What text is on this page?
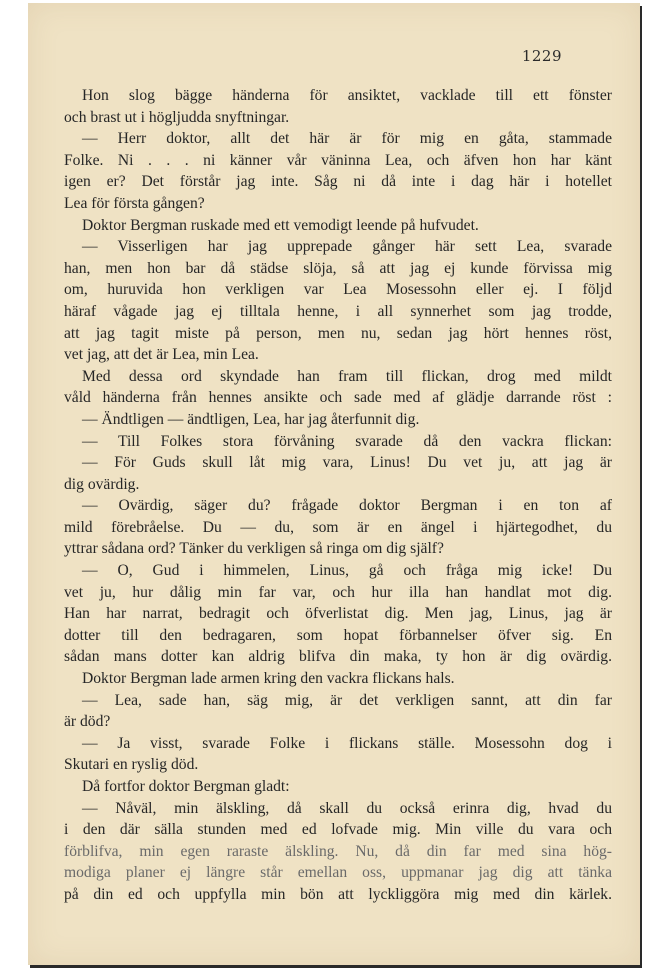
1229
Hon slog bägge händerna för ansiktet, vacklade till ett fönster
och brast ut i högljudda snyftningar.
— Herr doktor, allt det här är för mig en gåta, stammade
Folke. Ni . . . ni känner vår väninna Lea, och äfven hon har känt
igen er? Det förstår jag inte. Såg ni då inte i dag här i hotellet
Lea för första gången?
Doktor Bergman ruskade med ett vemodigt leende på hufvudet.
— Visserligen har jag upprepade gånger här sett Lea, svarade
han, men hon bar då städse slöja, så att jag ej kunde förvissa mig
om, huruvida hon verkligen var Lea Mosessohn eller ej. I följd
häraf vågade jag ej tilltala henne, i all synnerhet som jag trodde,
att jag tagit miste på person, men nu, sedan jag hört hennes röst,
vet jag, att det är Lea, min Lea.
Med dessa ord skyndade han fram till flickan, drog med mildt
våld händerna från hennes ansikte och sade med af glädje darrande röst :
— Ändtligen — ändtligen, Lea, har jag återfunnit dig.
— Till Folkes stora förvåning svarade då den vackra flickan:
— För Guds skull låt mig vara, Linus! Du vet ju, att jag är
dig ovärdig.
— Ovärdig, säger du? frågade doktor Bergman i en ton af
mild förebråelse. Du — du, som är en ängel i hjärtegodhet, du
yttrar sådana ord? Tänker du verkligen så ringa om dig själf?
— O, Gud i himmelen, Linus, gå och fråga mig icke! Du
vet ju, hur dålig min far var, och hur illa han handlat mot dig.
Han har narrat, bedragit och öfverlistat dig. Men jag, Linus, jag är
dotter till den bedragaren, som hopat förbannelser öfver sig. En
sådan mans dotter kan aldrig blifva din maka, ty hon är dig ovärdig.
Doktor Bergman lade armen kring den vackra flickans hals.
— Lea, sade han, säg mig, är det verkligen sannt, att din far
är död?
— Ja visst, svarade Folke i flickans ställe. Mosessohn dog i
Skutari en ryslig död.
Då fortfor doktor Bergman gladt:
— Nåväl, min älskling, då skall du också erinra dig, hvad du
i den där sälla stunden med ed lofvade mig. Min ville du vara och
förblifva, min egen raraste älskling. Nu, då din far med sina hög-
modiga planer ej längre står emellan oss, uppmanar jag dig att tänka
på din ed och uppfylla min bön att lyckliggöra mig med din kärlek.
